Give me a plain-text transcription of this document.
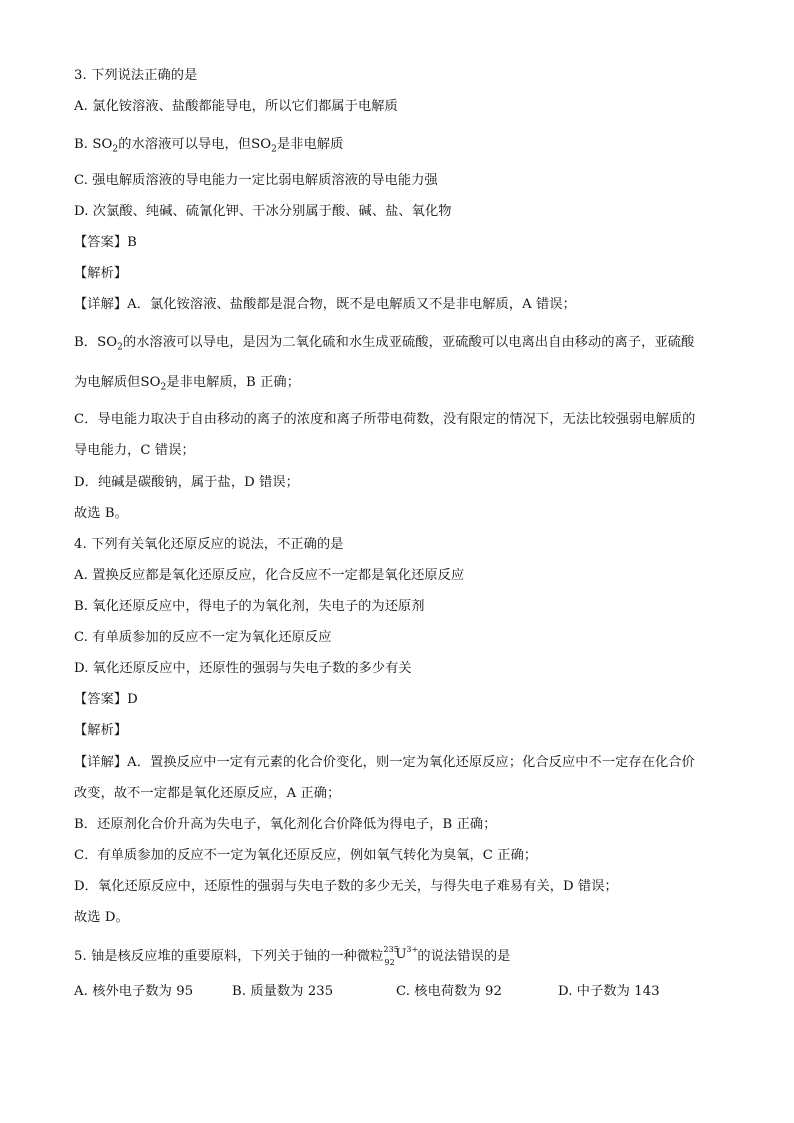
3. 下列说法正确的是
A. 氯化铵溶液、盐酸都能导电，所以它们都属于电解质
B. $SO_2$的水溶液可以导电，但$SO_2$是非电解质
C. 强电解质溶液的导电能力一定比弱电解质溶液的导电能力强
D. 次氯酸、纯碱、硫氰化钾、干冰分别属于酸、碱、盐、氧化物
【答案】B
【解析】
【详解】A．氯化铵溶液、盐酸都是混合物，既不是电解质又不是非电解质，A 错误；
B．$SO_2$的水溶液可以导电，是因为二氧化硫和水生成亚硫酸，亚硫酸可以电离出自由移动的离子，亚硫酸
为电解质但$SO_2$是非电解质，B 正确；
C．导电能力取决于自由移动的离子的浓度和离子所带电荷数，没有限定的情况下，无法比较强弱电解质的
导电能力，C 错误；
D．纯碱是碳酸钠，属于盐，D 错误；
故选 B。
4. 下列有关氧化还原反应的说法，不正确的是
A. 置换反应都是氧化还原反应，化合反应不一定都是氧化还原反应
B. 氧化还原反应中，得电子的为氧化剂，失电子的为还原剂
C. 有单质参加的反应不一定为氧化还原反应
D. 氧化还原反应中，还原性的强弱与失电子数的多少有关
【答案】D
【解析】
【详解】A．置换反应中一定有元素的化合价变化，则一定为氧化还原反应；化合反应中不一定存在化合价
改变，故不一定都是氧化还原反应，A 正确；
B．还原剂化合价升高为失电子，氧化剂化合价降低为得电子，B 正确；
C．有单质参加的反应不一定为氧化还原反应，例如氧气转化为臭氧，C 正确；
D．氧化还原反应中，还原性的强弱与失电子数的多少无关，与得失电子难易有关，D 错误；
故选 D。
5. 铀是核反应堆的重要原料，下列关于铀的一种微粒 235
92
U 3+ 的说法错误的是
A. 核外电子数为 95	B. 质量数为 235	C. 核电荷数为 92	D. 中子数为 143
